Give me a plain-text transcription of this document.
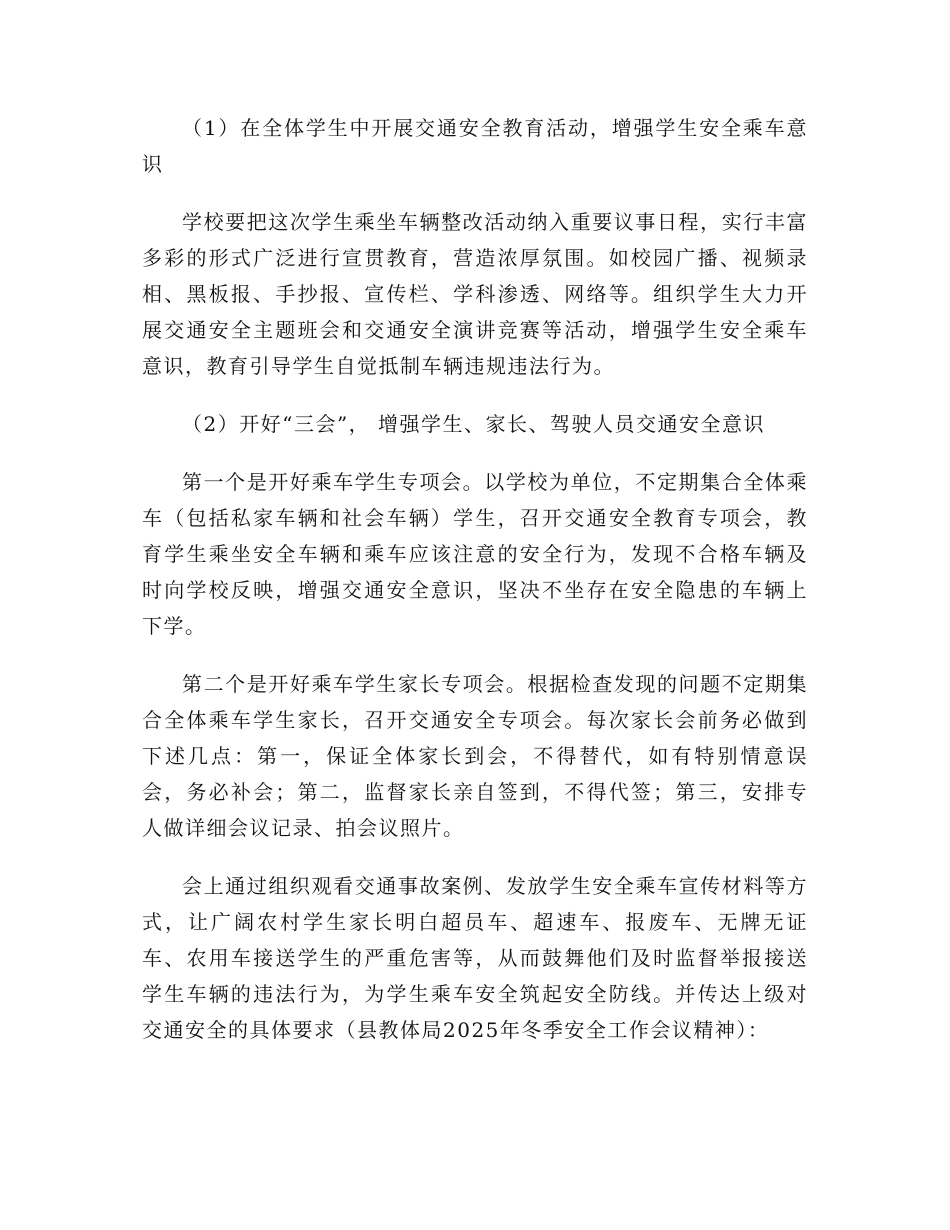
（1）在全体学生中开展交通安全教育活动，增强学生安全乘车意识

学校要把这次学生乘坐车辆整改活动纳入重要议事日程，实行丰富多彩的形式广泛进行宣贯教育，营造浓厚氛围。如校园广播、视频录相、黑板报、手抄报、宣传栏、学科渗透、网络等。组织学生大力开展交通安全主题班会和交通安全演讲竞赛等活动，增强学生安全乘车意识，教育引导学生自觉抵制车辆违规违法行为。

（2）开好“三会”， 增强学生、家长、驾驶人员交通安全意识

第一个是开好乘车学生专项会。以学校为单位，不定期集合全体乘车（包括私家车辆和社会车辆）学生，召开交通安全教育专项会，教育学生乘坐安全车辆和乘车应该注意的安全行为，发现不合格车辆及时向学校反映，增强交通安全意识，坚决不坐存在安全隐患的车辆上下学。

第二个是开好乘车学生家长专项会。根据检查发现的问题不定期集合全体乘车学生家长，召开交通安全专项会。每次家长会前务必做到下述几点：第一，保证全体家长到会，不得替代，如有特别情意误会，务必补会；第二，监督家长亲自签到，不得代签；第三，安排专人做详细会议记录、拍会议照片。

会上通过组织观看交通事故案例、发放学生安全乘车宣传材料等方式，让广阔农村学生家长明白超员车、超速车、报废车、无牌无证车、农用车接送学生的严重危害等，从而鼓舞他们及时监督举报接送学生车辆的违法行为，为学生乘车安全筑起安全防线。并传达上级对交通安全的具体要求（县教体局2025年冬季安全工作会议精神）：
